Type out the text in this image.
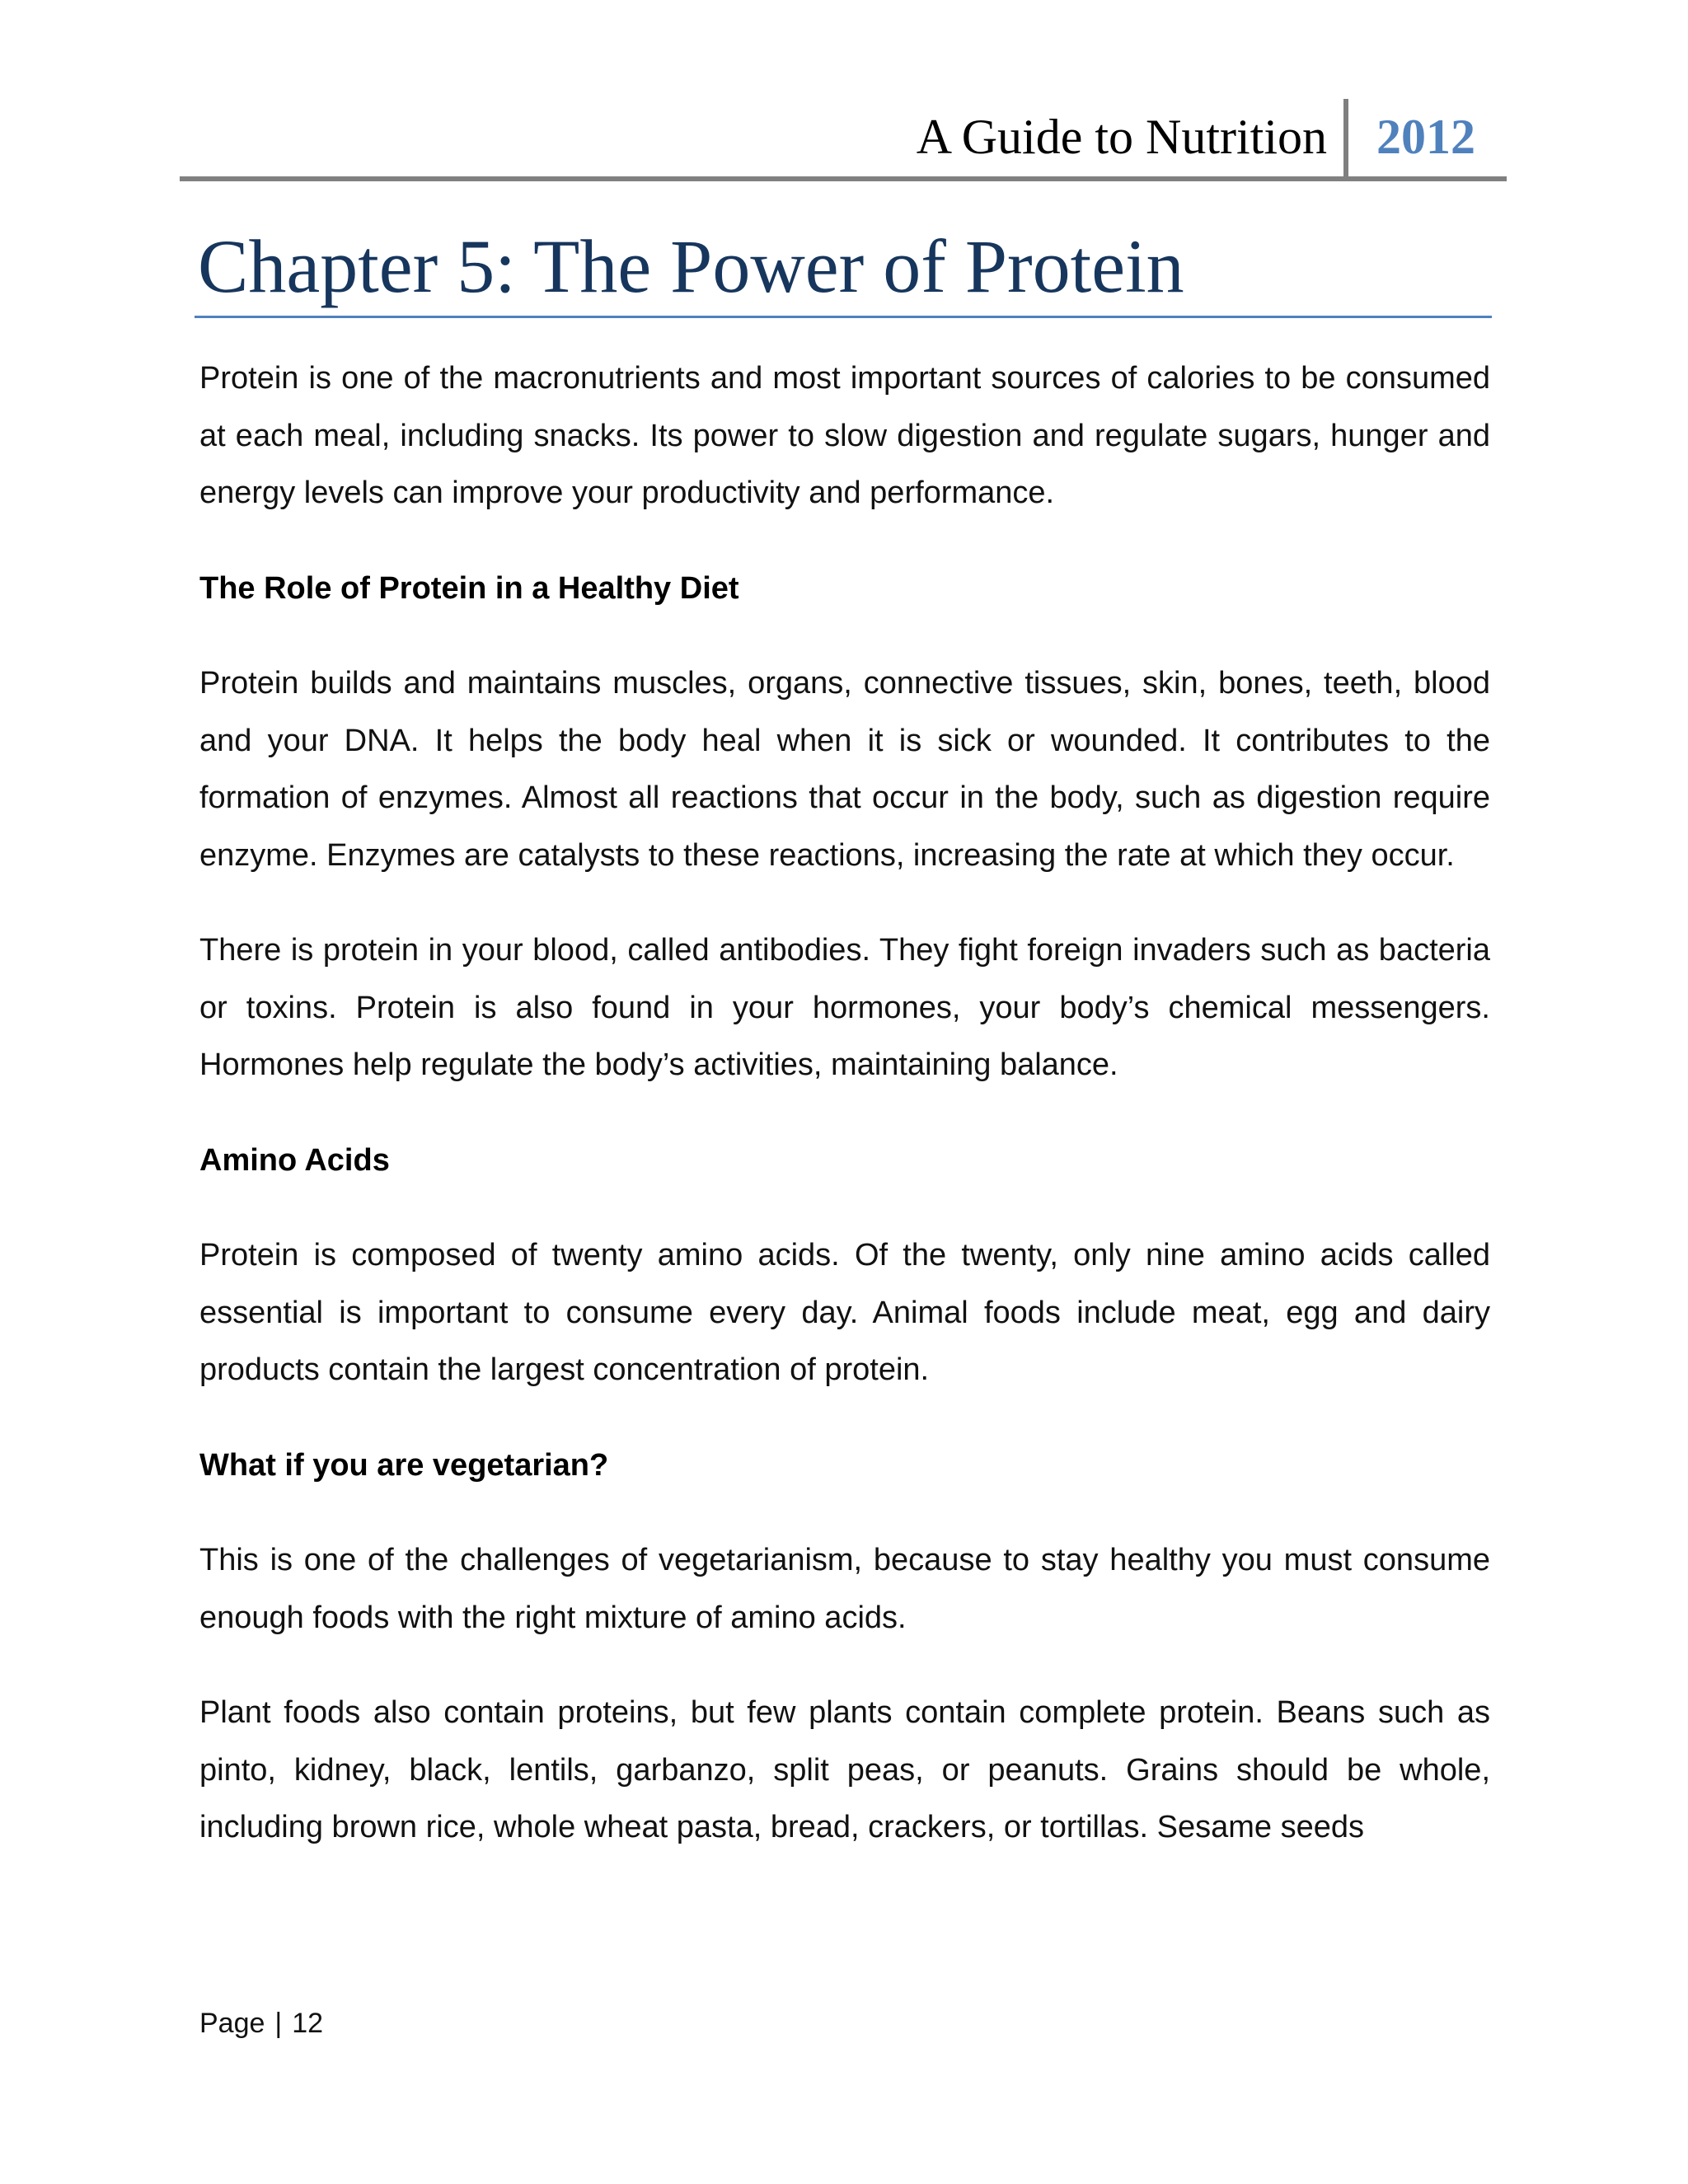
A Guide to Nutrition 2012
Chapter 5: The Power of Protein

Protein is one of the macronutrients and most important sources of calories to be consumed at each meal, including snacks. Its power to slow digestion and regulate sugars, hunger and energy levels can improve your productivity and performance.

The Role of Protein in a Healthy Diet

Protein builds and maintains muscles, organs, connective tissues, skin, bones, teeth, blood and your DNA. It helps the body heal when it is sick or wounded. It contributes to the formation of enzymes. Almost all reactions that occur in the body, such as digestion require enzyme. Enzymes are catalysts to these reactions, increasing the rate at which they occur.

There is protein in your blood, called antibodies. They fight foreign invaders such as bacteria or toxins. Protein is also found in your hormones, your body’s chemical messengers. Hormones help regulate the body’s activities, maintaining balance.

Amino Acids

Protein is composed of twenty amino acids. Of the twenty, only nine amino acids called essential is important to consume every day. Animal foods include meat, egg and dairy products contain the largest concentration of protein.

What if you are vegetarian?

This is one of the challenges of vegetarianism, because to stay healthy you must consume enough foods with the right mixture of amino acids.

Plant foods also contain proteins, but few plants contain complete protein. Beans such as pinto, kidney, black, lentils, garbanzo, split peas, or peanuts. Grains should be whole, including brown rice, whole wheat pasta, bread, crackers, or tortillas. Sesame seeds

Page | 12
